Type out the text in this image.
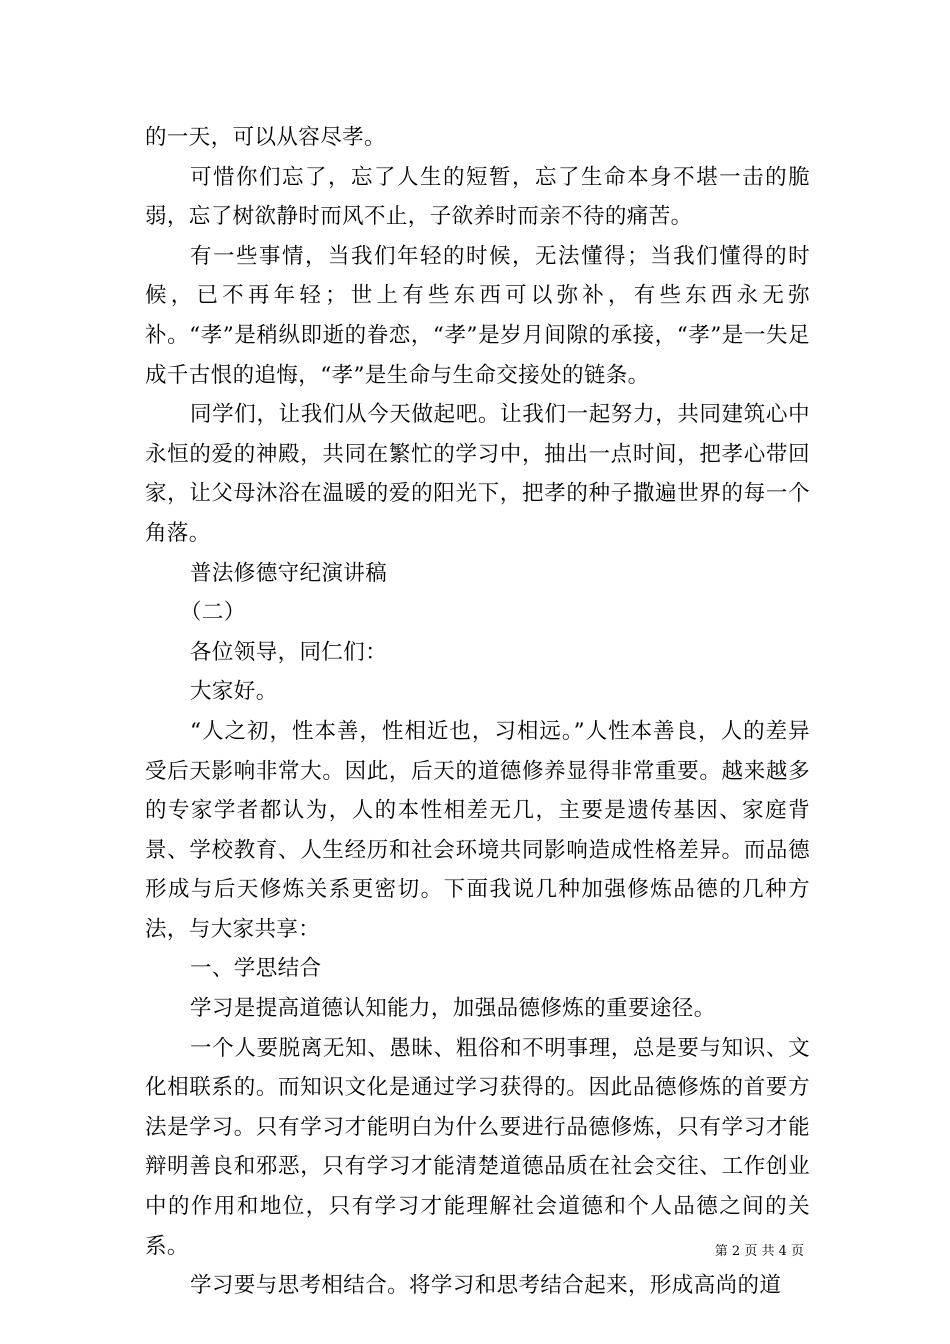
的一天，可以从容尽孝。

可惜你们忘了，忘了人生的短暂，忘了生命本身不堪一击的脆弱，忘了树欲静时而风不止，子欲养时而亲不待的痛苦。

有一些事情，当我们年轻的时候，无法懂得；当我们懂得的时候，已不再年轻；世上有些东西可以弥补，有些东西永无弥补。“孝”是稍纵即逝的眷恋，“孝”是岁月间隙的承接，“孝”是一失足成千古恨的追悔，“孝”是生命与生命交接处的链条。

同学们，让我们从今天做起吧。让我们一起努力，共同建筑心中永恒的爱的神殿，共同在繁忙的学习中，抽出一点时间，把孝心带回家，让父母沐浴在温暖的爱的阳光下，把孝的种子撒遍世界的每一个角落。

普法修德守纪演讲稿

（二）

各位领导，同仁们：

大家好。

“人之初，性本善，性相近也，习相远。”人性本善良，人的差异受后天影响非常大。因此，后天的道德修养显得非常重要。越来越多的专家学者都认为，人的本性相差无几，主要是遗传基因、家庭背景、学校教育、人生经历和社会环境共同影响造成性格差异。而品德形成与后天修炼关系更密切。下面我说几种加强修炼品德的几种方法，与大家共享：

一、学思结合

学习是提高道德认知能力，加强品德修炼的重要途径。

一个人要脱离无知、愚昧、粗俗和不明事理，总是要与知识、文化相联系的。而知识文化是通过学习获得的。因此品德修炼的首要方法是学习。只有学习才能明白为什么要进行品德修炼，只有学习才能辩明善良和邪恶，只有学习才能清楚道德品质在社会交往、工作创业中的作用和地位，只有学习才能理解社会道德和个人品德之间的关系。

学习要与思考相结合。将学习和思考结合起来，形成高尚的道

第 2 页 共 4 页
